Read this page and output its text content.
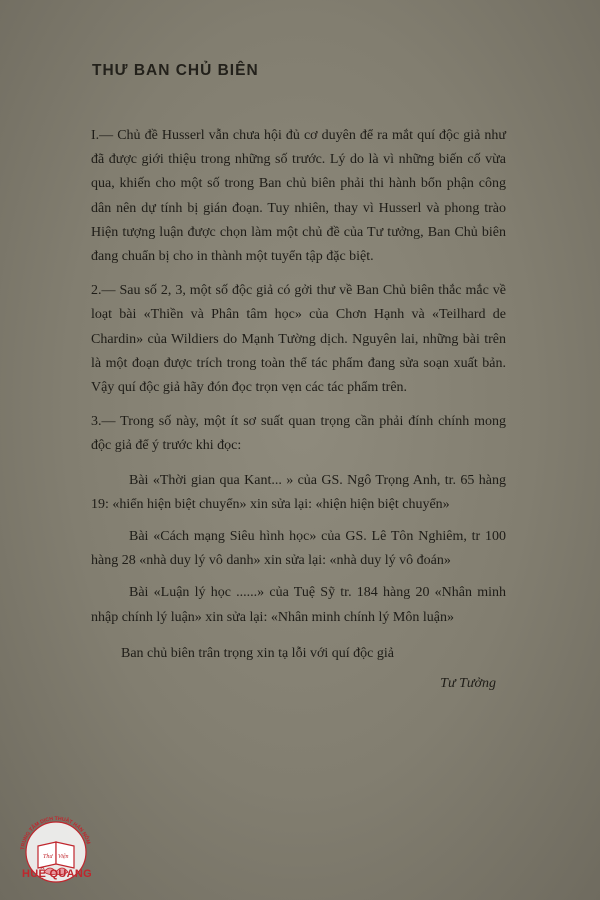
THƯ BAN CHỦ BIÊN

I.— Chủ đề Husserl vẫn chưa hội đủ cơ duyên để ra mắt quí độc giả như đã được giới thiệu trong những số trước. Lý do là vì những biến cố vừa qua, khiến cho một số trong Ban chủ biên phải thi hành bổn phận công dân nên dự tính bị gián đoạn. Tuy nhiên, thay vì Husserl và phong trào Hiện tượng luận được chọn làm một chủ đề của Tư tưởng, Ban Chủ biên đang chuẩn bị cho in thành một tuyển tập đặc biệt.

2.— Sau số 2, 3, một số độc giả có gởi thư về Ban Chủ biên thắc mắc về loạt bài «Thiền và Phân tâm học» của Chơn Hạnh và «Teilhard de Chardin» của Wildiers do Mạnh Tường dịch. Nguyên lai, những bài trên là một đoạn được trích trong toàn thể tác phẩm đang sửa soạn xuất bản. Vậy quí độc giả hãy đón đọc trọn vẹn các tác phẩm trên.

3.— Trong số này, một ít sơ suất quan trọng cần phải đính chính mong độc giả để ý trước khi đọc:

Bài «Thời gian qua Kant... » của GS. Ngô Trọng Anh, tr. 65 hàng 19: «hiển hiện biệt chuyển» xin sửa lại: «hiện hiện biệt chuyển»

Bài «Cách mạng Siêu hình học» của GS. Lê Tôn Nghiêm, tr 100 hàng 28 «nhà duy lý vô danh» xin sửa lại: «nhà duy lý vô đoán»

Bài «Luận lý học ......» của Tuệ Sỹ tr. 184 hàng 20 «Nhân minh nhập chính lý luận» xin sửa lại: «Nhân minh chính lý Môn luận»

Ban chủ biên trân trọng xin tạ lỗi với quí độc giả

Tư Tưởng

TRUNG TÂM DỊCH THUẬT HÁN NÔM
Thư Viện
HUỆ QUANG
